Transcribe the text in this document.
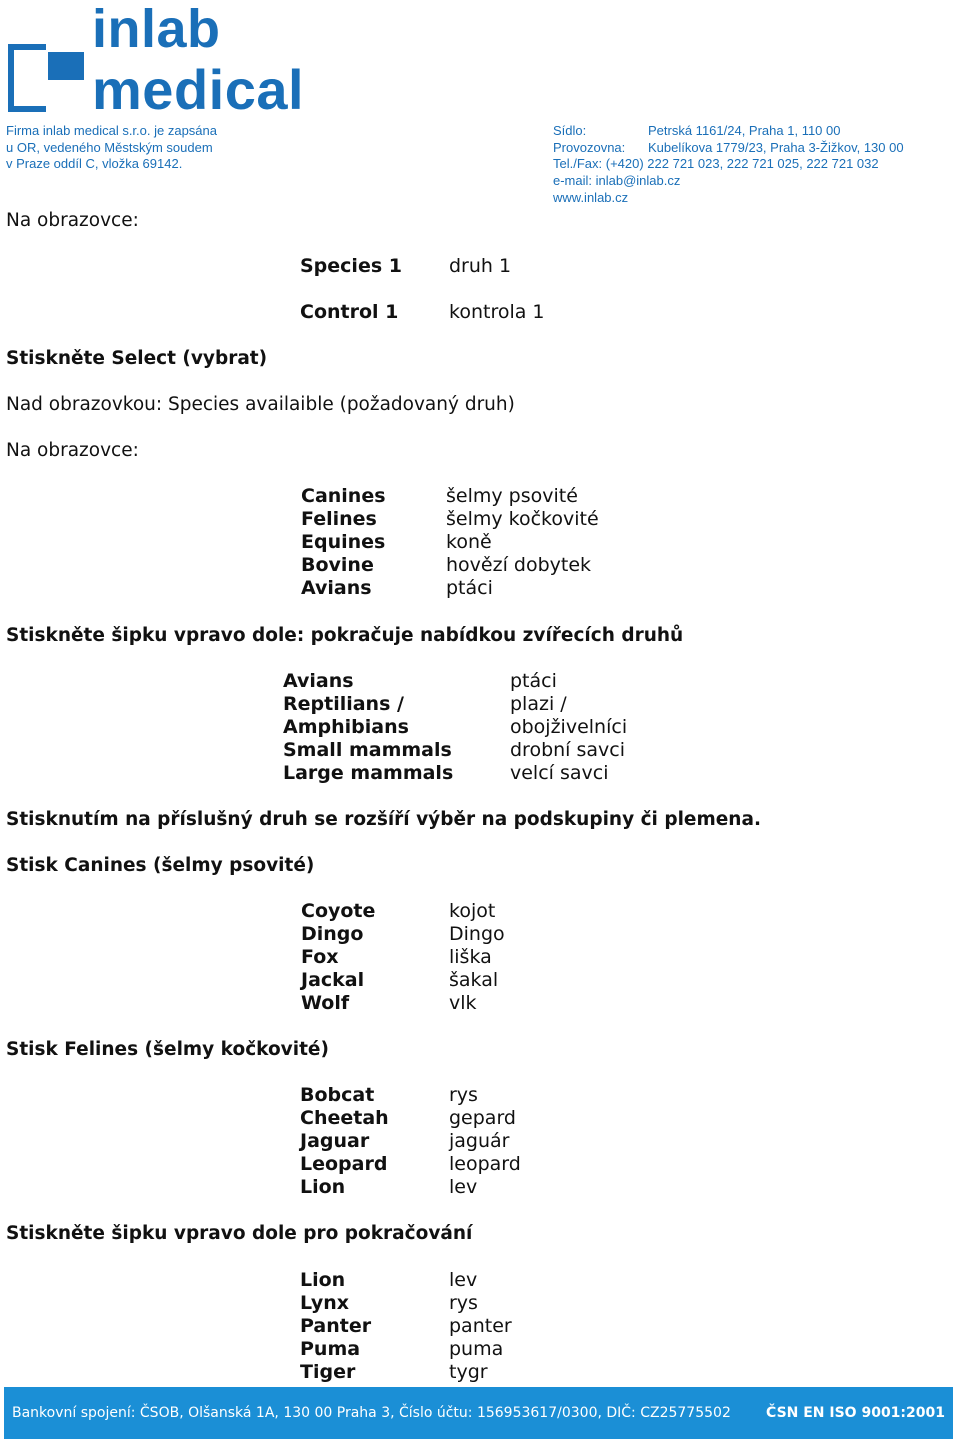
inlab
medical
Firma inlab medical s.r.o. je zapsána
u OR, vedeného Městským soudem
v Praze oddíl C, vložka 69142.
Sídlo:	Petrská 1161/24, Praha 1, 110 00
Provozovna: Kubelíkova 1779/23, Praha 3-Žižkov, 130 00
Tel./Fax: (+420) 222 721 023, 222 721 025, 222 721 032
e-mail: inlab@inlab.cz
www.inlab.cz
Na obrazovce:
Species 1
Control 1
druh 1
kontrola 1
Stiskněte Select (vybrat)
Nad obrazovkou: Species availaible (požadovaný druh)
Na obrazovce:
Canines
Felines
Equines
Bovine
Avians
šelmy psovité
šelmy kočkovité
koně
hovězí dobytek
ptáci
Stiskněte šipku vpravo dole: pokračuje nabídkou zvířecích druhů
Avians
Reptilians /
Amphibians
Small mammals
Large mammals
ptáci
plazi /
obojživelníci
drobní savci
velcí savci
Stisknutím na příslušný druh se rozšíří výběr na podskupiny či plemena.
Stisk Canines (šelmy psovité)
Coyote
Dingo
Fox
Jackal
Wolf
kojot
Dingo
liška
šakal
vlk
Stisk Felines (šelmy kočkovité)
Bobcat
Cheetah
Jaguar
Leopard
Lion
rys
gepard
jaguár
leopard
lev
Stiskněte šipku vpravo dole pro pokračování
Lion
Lynx
Panter
Puma
Tiger
lev
rys
panter
puma
tygr
Bankovní spojení: ČSOB, Olšanská 1A, 130 00 Praha 3, Číslo účtu: 156953617/0300, DIČ: CZ25775502	ČSN EN ISO 9001:2001
